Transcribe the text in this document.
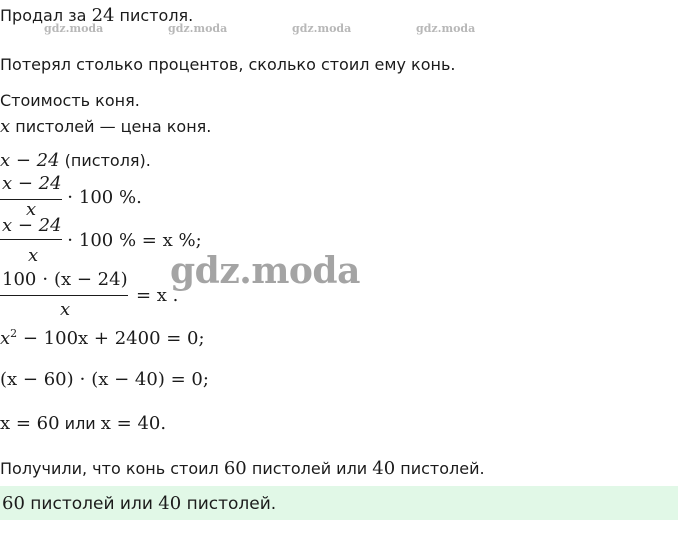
Продал за 24 пистоля.
gdz.moda	gdz.moda	gdz.moda	gdz.moda
Потерял столько процентов, сколько стоил ему конь.
Стоимость коня.
x пистолей — цена коня.
x − 24 (пистоля).
x − 24
x
⋅ 100 %.
x − 24
x
⋅ 100 % = x %;
gdz.moda
100 ⋅ (x − 24)
x
= x .
$x^2 - 100x + 2400 = 0$;
(x − 60) ⋅ (x − 40) = 0;
x = 60 или x = 40.
Получили, что конь стоил 60 пистолей или 40 пистолей.
60 пистолей или 40 пистолей.
